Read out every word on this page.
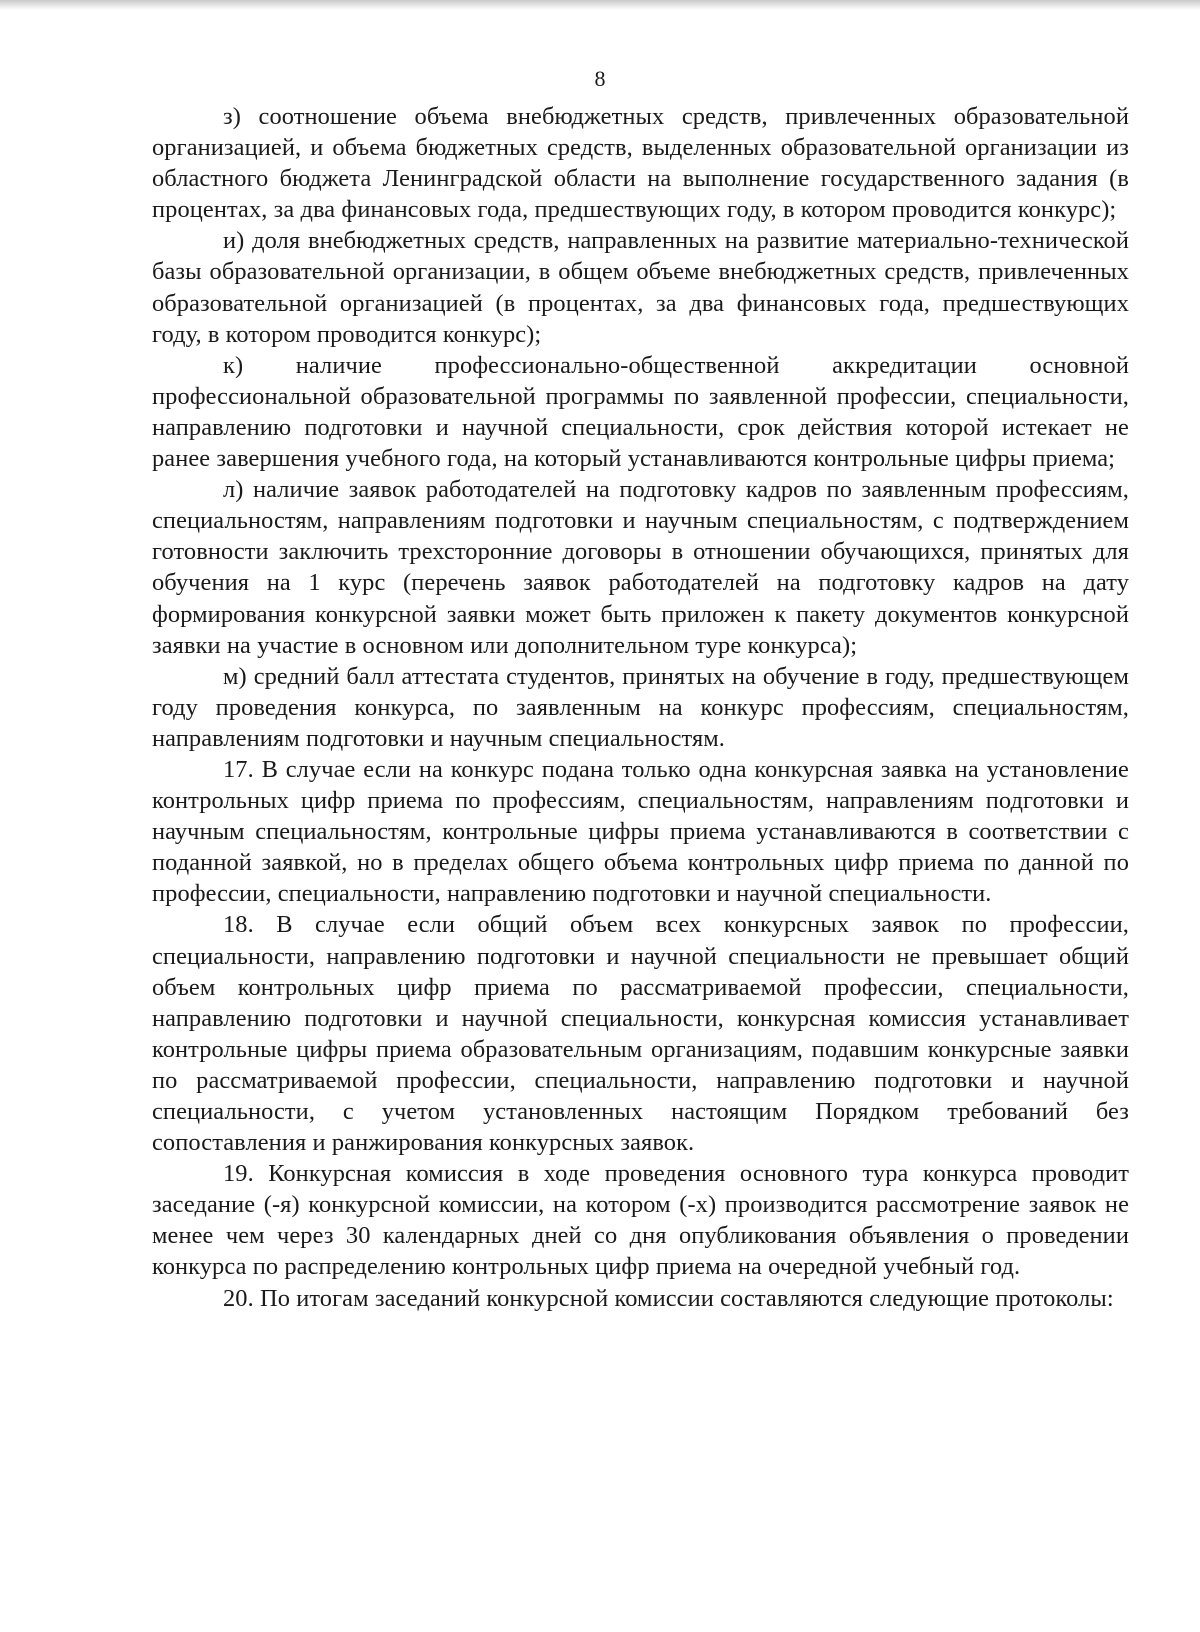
8

з) соотношение объема внебюджетных средств, привлеченных образовательной организацией, и объема бюджетных средств, выделенных образовательной организации из областного бюджета Ленинградской области на выполнение государственного задания (в процентах, за два финансовых года, предшествующих году, в котором проводится конкурс);

и) доля внебюджетных средств, направленных на развитие материально-технической базы образовательной организации, в общем объеме внебюджетных средств, привлеченных образовательной организацией (в процентах, за два финансовых года, предшествующих году, в котором проводится конкурс);

к) наличие профессионально-общественной аккредитации основной профессиональной образовательной программы по заявленной профессии, специальности, направлению подготовки и научной специальности, срок действия которой истекает не ранее завершения учебного года, на который устанавливаются контрольные цифры приема;

л) наличие заявок работодателей на подготовку кадров по заявленным профессиям, специальностям, направлениям подготовки и научным специальностям, с подтверждением готовности заключить трехсторонние договоры в отношении обучающихся, принятых для обучения на 1 курс (перечень заявок работодателей на подготовку кадров на дату формирования конкурсной заявки может быть приложен к пакету документов конкурсной заявки на участие в основном или дополнительном туре конкурса);

м) средний балл аттестата студентов, принятых на обучение в году, предшествующем году проведения конкурса, по заявленным на конкурс профессиям, специальностям, направлениям подготовки и научным специальностям.

17. В случае если на конкурс подана только одна конкурсная заявка на установление контрольных цифр приема по профессиям, специальностям, направлениям подготовки и научным специальностям, контрольные цифры приема устанавливаются в соответствии с поданной заявкой, но в пределах общего объема контрольных цифр приема по данной по профессии, специальности, направлению подготовки и научной специальности.

18. В случае если общий объем всех конкурсных заявок по профессии, специальности, направлению подготовки и научной специальности не превышает общий объем контрольных цифр приема по рассматриваемой профессии, специальности, направлению подготовки и научной специальности, конкурсная комиссия устанавливает контрольные цифры приема образовательным организациям, подавшим конкурсные заявки по рассматриваемой профессии, специальности, направлению подготовки и научной специальности, с учетом установленных настоящим Порядком требований без сопоставления и ранжирования конкурсных заявок.

19. Конкурсная комиссия в ходе проведения основного тура конкурса проводит заседание (-я) конкурсной комиссии, на котором (-х) производится рассмотрение заявок не менее чем через 30 календарных дней со дня опубликования объявления о проведении конкурса по распределению контрольных цифр приема на очередной учебный год.

20. По итогам заседаний конкурсной комиссии составляются следующие протоколы:
